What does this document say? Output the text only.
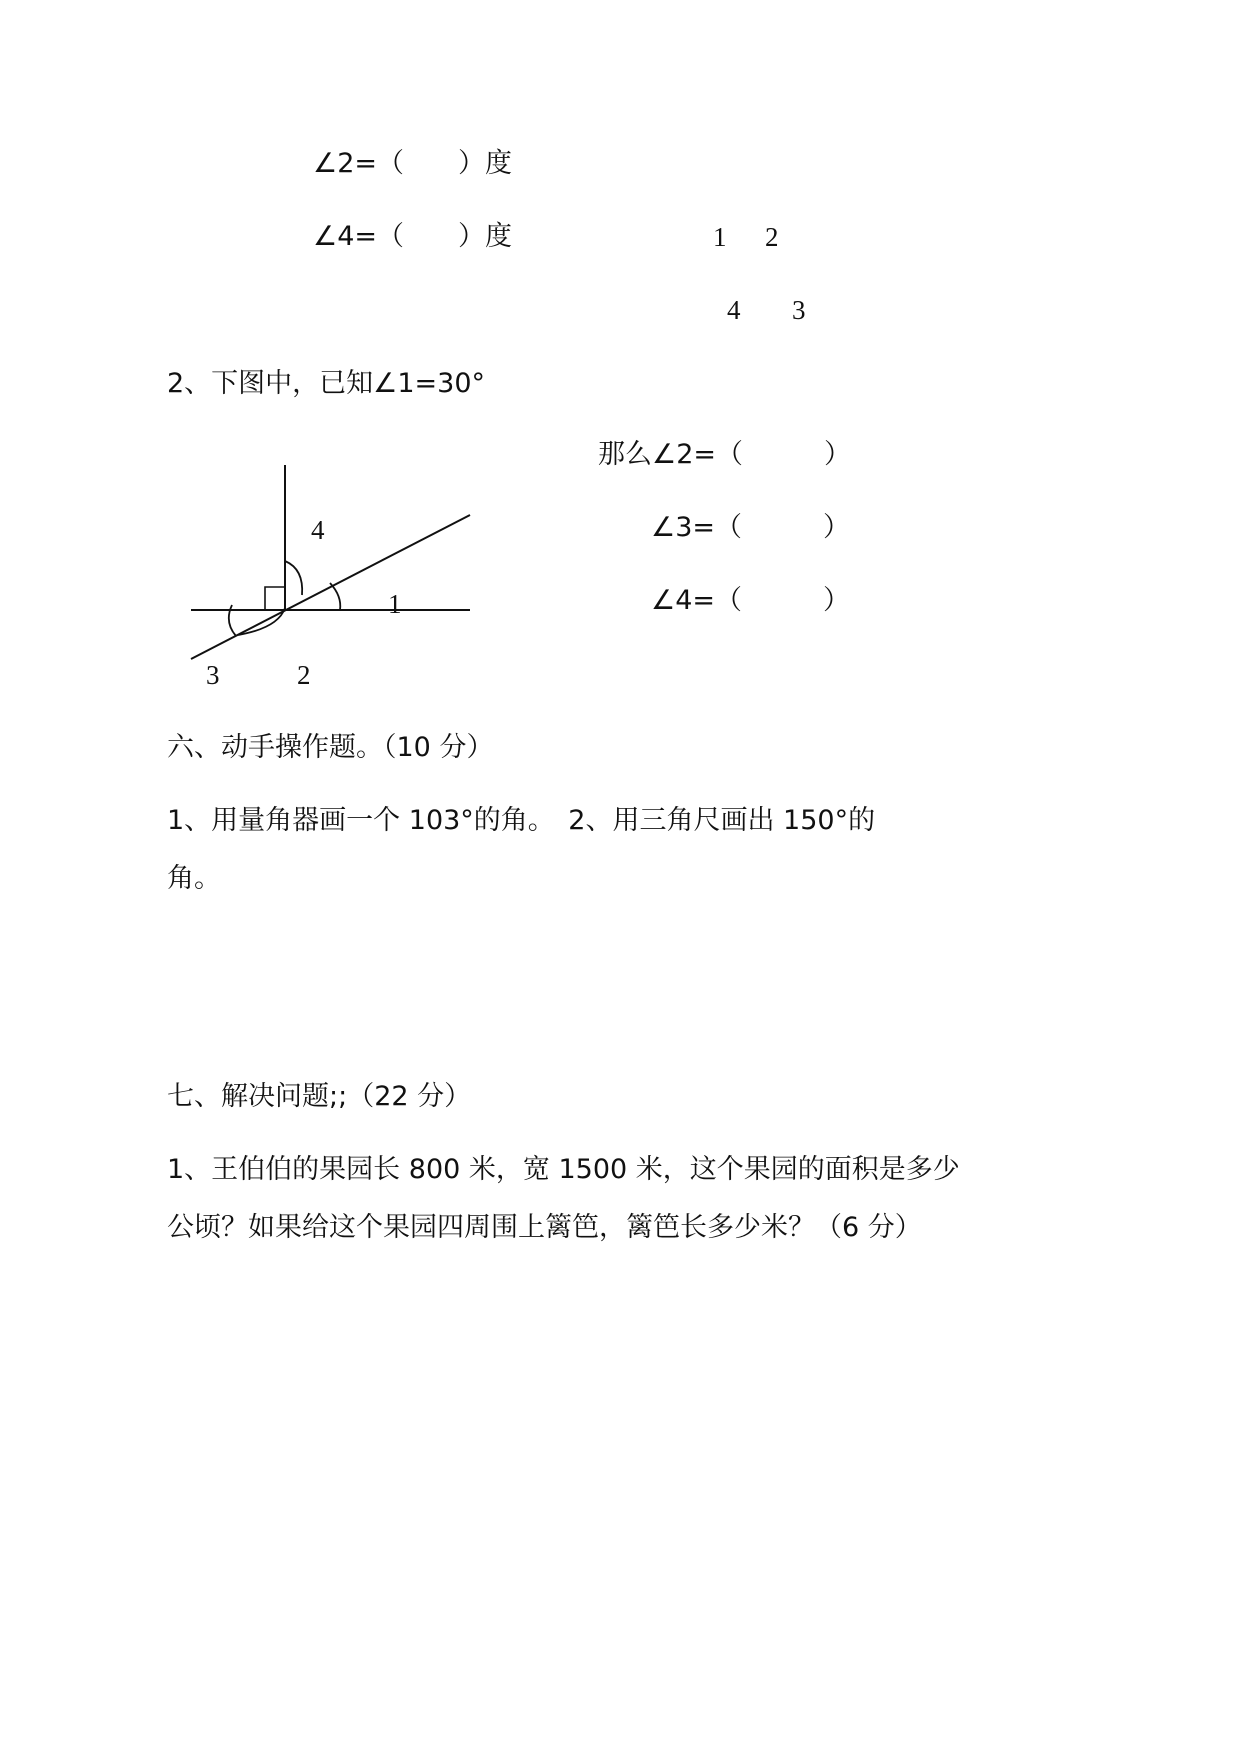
∠2=（　　）度
∠4=（　　）度	1 2
4 3
2、下图中，已知∠1=30°
4
1
3	2
那么∠2=（　　　）
∠3=（　　　）
∠4=（　　　）
六、动手操作题。（10 分）
1、用量角器画一个 103°的角。　2、用三角尺画出 150°的
角。
七、解决问题;;（22 分）
1、王伯伯的果园长 800 米，宽 1500 米，这个果园的面积是多少
公顷？如果给这个果园四周围上篱笆，篱笆长多少米？（6 分）
